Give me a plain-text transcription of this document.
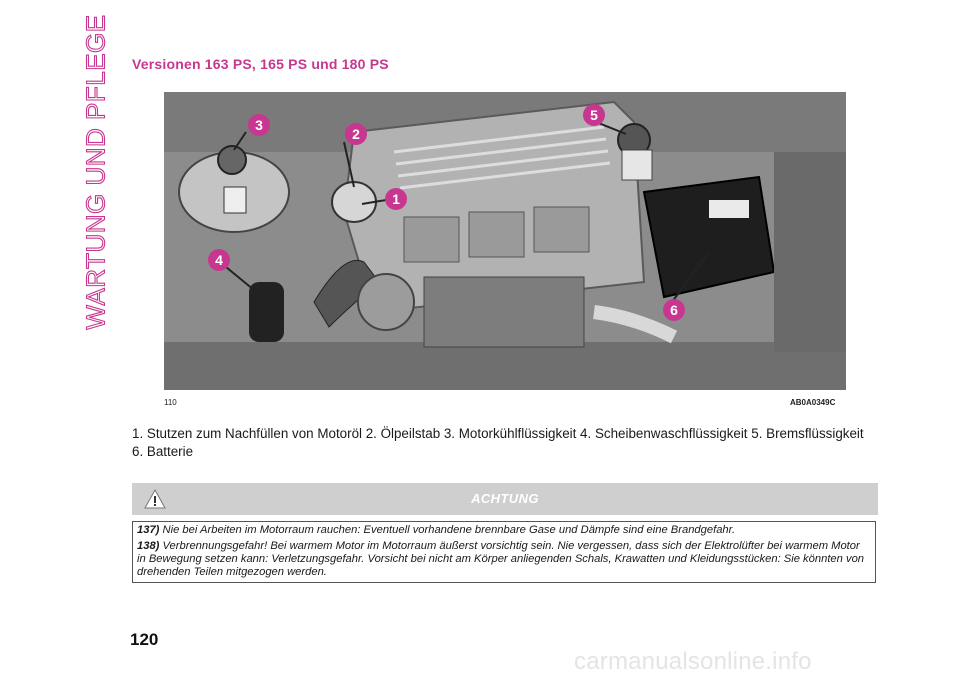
WARTUNG UND PFLEGE Versionen 163 PS, 165 PS und 180 PS
3
2
1
4
5
6
110	AB0A0349C
1. Stutzen zum Nachfüllen von Motoröl 2. Ölpeilstab 3. Motorkühlflüssigkeit 4. Scheibenwaschflüssigkeit 5. Bremsflüssigkeit 6. Batterie
ACHTUNG
137) Nie bei Arbeiten im Motorraum rauchen: Eventuell vorhandene brennbare Gase und Dämpfe sind eine Brandgefahr.
138) Verbrennungsgefahr! Bei warmem Motor im Motorraum äußerst vorsichtig sein. Nie vergessen, dass sich der Elektrolüfter bei warmem Motor in Bewegung setzen kann: Verletzungsgefahr. Vorsicht bei nicht am Körper anliegenden Schals, Krawatten und Kleidungsstücken: Sie könnten von drehenden Teilen mitgezogen werden.
120
carmanualsonline.info
